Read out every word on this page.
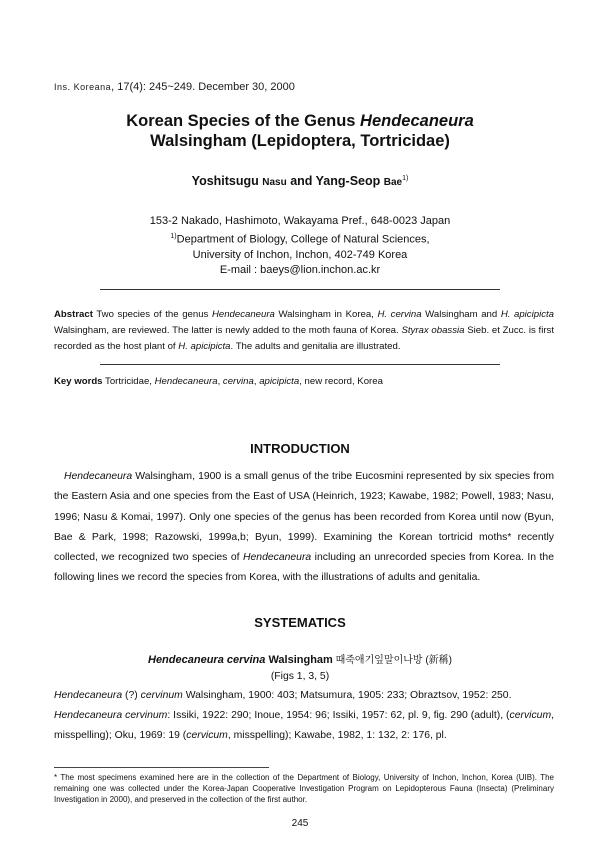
Ins. Koreana, 17(4): 245~249. December 30, 2000
Korean Species of the Genus Hendecaneura
Walsingham (Lepidoptera, Tortricidae)
Yoshitsugu Nasu and Yang-Seop Bae$^{1)}$
153-2 Nakado, Hashimoto, Wakayama Pref., 648-0023 Japan
$^{1)}$Department of Biology, College of Natural Sciences,
University of Inchon, Inchon, 402-749 Korea
E-mail : baeys@lion.inchon.ac.kr
Abstract Two species of the genus Hendecaneura Walsingham in Korea, H. cervina Walsingham and H. apicipicta Walsingham, are reviewed. The latter is newly added to the moth fauna of Korea. Styrax obassia Sieb. et Zucc. is first recorded as the host plant of H. apicipicta. The adults and genitalia are illustrated.
Key words Tortricidae, Hendecaneura, cervina, apicipicta, new record, Korea
INTRODUCTION
Hendecaneura Walsingham, 1900 is a small genus of the tribe Eucosmini represented by six species from the Eastern Asia and one species from the East of USA (Heinrich, 1923; Kawabe, 1982; Powell, 1983; Nasu, 1996; Nasu & Komai, 1997). Only one species of the genus has been recorded from Korea until now (Byun, Bae & Park, 1998; Razowski, 1999a,b; Byun, 1999). Examining the Korean tortricid moths* recently collected, we recognized two species of Hendecaneura including an unrecorded species from Korea. In the following lines we record the species from Korea, with the illustrations of adults and genitalia.
SYSTEMATICS
Hendecaneura cervina Walsingham 때죽애기잎말이나방 (新稱)
(Figs 1, 3, 5)
Hendecaneura (?) cervinum Walsingham, 1900: 403; Matsumura, 1905: 233; Obraztsov, 1952: 250.
Hendecaneura cervinum: Issiki, 1922: 290; Inoue, 1954: 96; Issiki, 1957: 62, pl. 9, fig. 290 (adult), (cervicum, misspelling); Oku, 1969: 19 (cervicum, misspelling); Kawabe, 1982, 1: 132, 2: 176, pl.
* The most specimens examined here are in the collection of the Department of Biology, University of Inchon, Inchon, Korea (UIB). The remaining one was collected under the Korea-Japan Cooperative Investigation Program on Lepidopterous Fauna (Insecta) (Preliminary Investigation in 2000), and preserved in the collection of the first author.
245
